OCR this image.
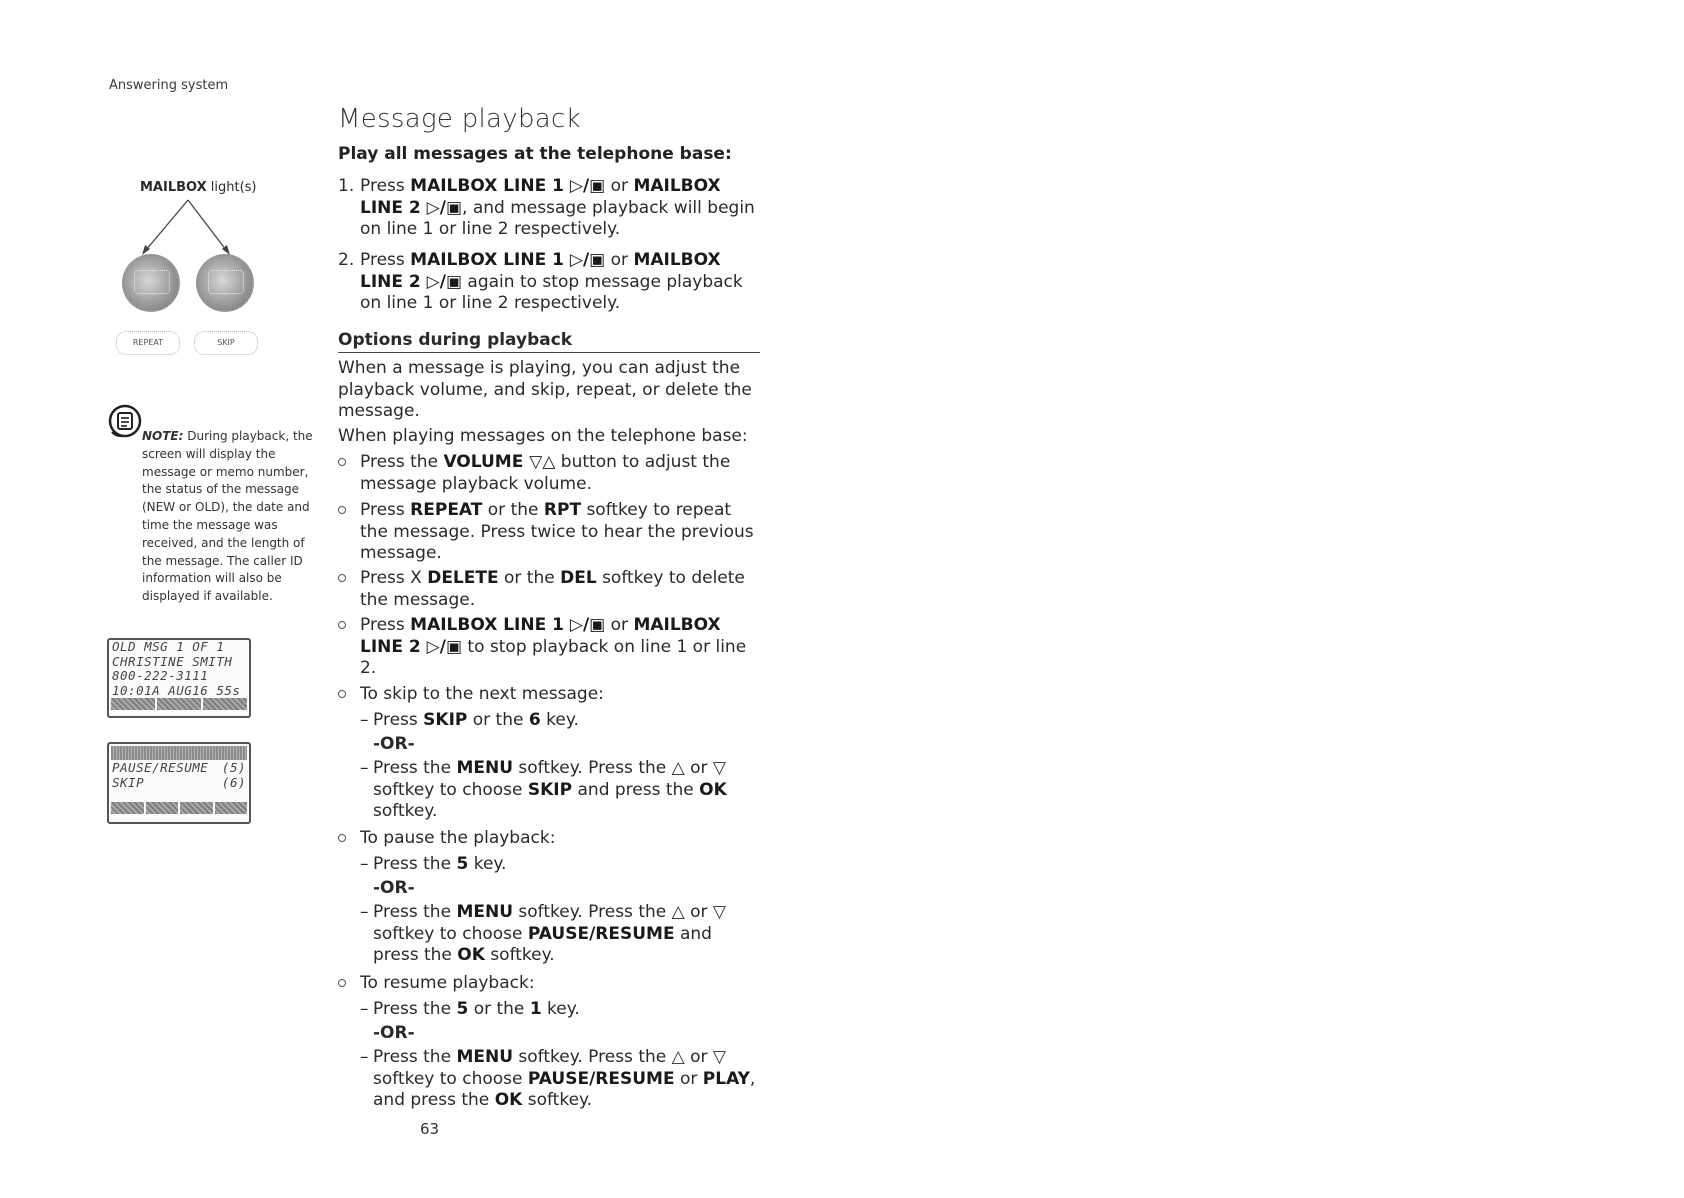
Answering system
MAILBOX light(s)
REPEAT	SKIP
NOTE: During playback, the screen will display the message or memo number, the status of the message (NEW or OLD), the date and time the message was received, and the length of the message. The caller ID information will also be displayed if available.
OLD MSG 1 OF 1
CHRISTINE SMITH
800-222-3111
10:01A AUG16 55s
PAUSE/RESUME (5)
SKIP	(6)
Message playback
Play all messages at the telephone base:
1. Press MAILBOX LINE 1 ▷/▣ or MAILBOX LINE 2 ▷/▣, and message playback will begin on line 1 or line 2 respectively.
2. Press MAILBOX LINE 1 ▷/▣ or MAILBOX LINE 2 ▷/▣ again to stop message playback on line 1 or line 2 respectively.
Options during playback
When a message is playing, you can adjust the playback volume, and skip, repeat, or delete the message.
When playing messages on the telephone base:
Press the VOLUME ▽△ button to adjust the message playback volume.
Press REPEAT or the RPT softkey to repeat the message. Press twice to hear the previous message.
Press X DELETE or the DEL softkey to delete the message.
Press MAILBOX LINE 1 ▷/▣ or MAILBOX LINE 2 ▷/▣ to stop playback on line 1 or line 2.
To skip to the next message:
– Press SKIP or the 6 key.
-OR-
– Press the MENU softkey. Press the △ or ▽ softkey to choose SKIP and press the OK softkey.
To pause the playback:
– Press the 5 key.
-OR-
– Press the MENU softkey. Press the △ or ▽ softkey to choose PAUSE/RESUME and press the OK softkey.
To resume playback:
– Press the 5 or the 1 key.
-OR-
– Press the MENU softkey. Press the △ or ▽ softkey to choose PAUSE/RESUME or PLAY, and press the OK softkey.
63
